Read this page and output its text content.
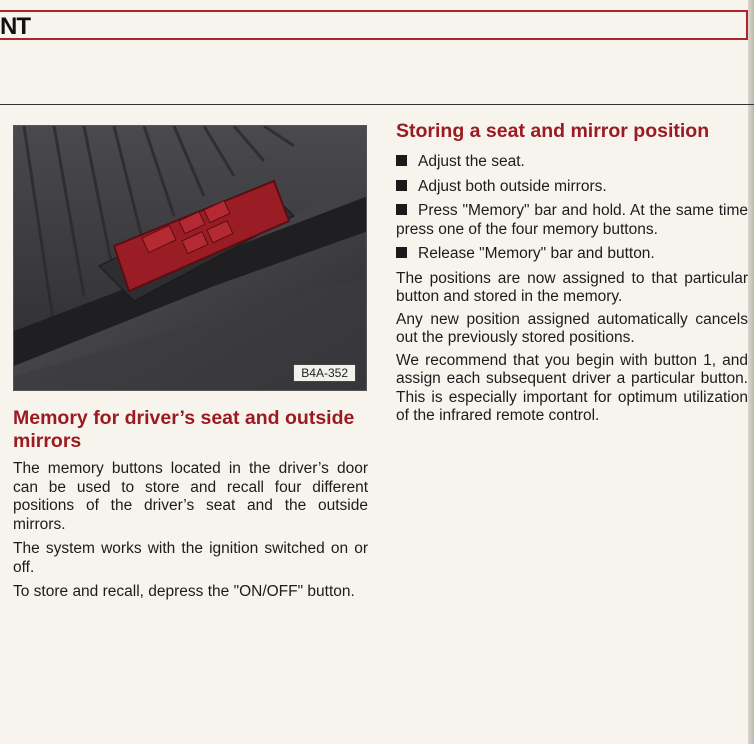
NT
B4A-352
Memory for driver’s seat and outside mirrors

The memory buttons located in the driver’s door can be used to store and recall four different positions of the driver’s seat and the outside mirrors.

The system works with the ignition switched on or off.

To store and recall, depress the "ON/OFF" button.

Storing a seat and mirror position

Adjust the seat.

Adjust both outside mirrors.

Press "Memory" bar and hold. At the same time press one of the four memory buttons.

Release "Memory" bar and button.

The positions are now assigned to that particular button and stored in the memory.

Any new position assigned automatically cancels out the previously stored positions.

We recommend that you begin with button 1, and assign each subsequent driver a particular button. This is especially important for optimum utilization of the infrared remote control.
